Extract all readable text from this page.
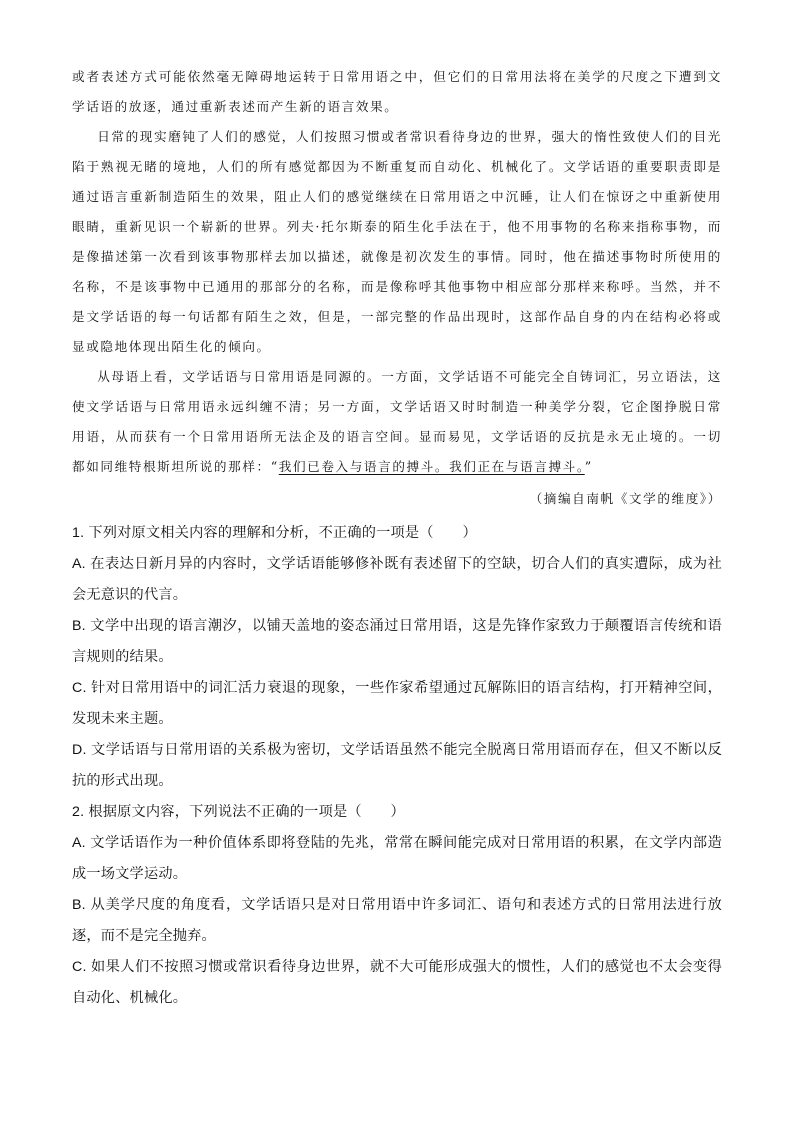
或者表述方式可能依然毫无障碍地运转于日常用语之中，但它们的日常用法将在美学的尺度之下遭到文学话语的放逐，通过重新表述而产生新的语言效果。

日常的现实磨钝了人们的感觉，人们按照习惯或者常识看待身边的世界，强大的惰性致使人们的目光陷于熟视无睹的境地，人们的所有感觉都因为不断重复而自动化、机械化了。文学话语的重要职责即是通过语言重新制造陌生的效果，阻止人们的感觉继续在日常用语之中沉睡，让人们在惊讶之中重新使用眼睛，重新见识一个崭新的世界。列夫·托尔斯泰的陌生化手法在于，他不用事物的名称来指称事物，而是像描述第一次看到该事物那样去加以描述，就像是初次发生的事情。同时，他在描述事物时所使用的名称，不是该事物中已通用的那部分的名称，而是像称呼其他事物中相应部分那样来称呼。当然，并不是文学话语的每一句话都有陌生之效，但是，一部完整的作品出现时，这部作品自身的内在结构必将或显或隐地体现出陌生化的倾向。

从母语上看，文学话语与日常用语是同源的。一方面，文学话语不可能完全自铸词汇，另立语法，这使文学话语与日常用语永远纠缠不清；另一方面，文学话语又时时制造一种美学分裂，它企图挣脱日常用语，从而获有一个日常用语所无法企及的语言空间。显而易见，文学话语的反抗是永无止境的。一切都如同维特根斯坦所说的那样：“我们已卷入与语言的搏斗。我们正在与语言搏斗。”

（摘编自南帆《文学的维度》）

1. 下列对原文相关内容的理解和分析，不正确的一项是（　　）

A. 在表达日新月异的内容时，文学话语能够修补既有表述留下的空缺，切合人们的真实遭际，成为社会无意识的代言。

B. 文学中出现的语言潮汐，以铺天盖地的姿态涌过日常用语，这是先锋作家致力于颠覆语言传统和语言规则的结果。

C. 针对日常用语中的词汇活力衰退的现象，一些作家希望通过瓦解陈旧的语言结构，打开精神空间，发现未来主题。

D. 文学话语与日常用语的关系极为密切，文学话语虽然不能完全脱离日常用语而存在，但又不断以反抗的形式出现。

2. 根据原文内容，下列说法不正确的一项是（　　）

A. 文学话语作为一种价值体系即将登陆的先兆，常常在瞬间能完成对日常用语的积累，在文学内部造成一场文学运动。

B. 从美学尺度的角度看，文学话语只是对日常用语中许多词汇、语句和表述方式的日常用法进行放逐，而不是完全抛弃。

C. 如果人们不按照习惯或常识看待身边世界，就不大可能形成强大的惯性，人们的感觉也不太会变得自动化、机械化。
